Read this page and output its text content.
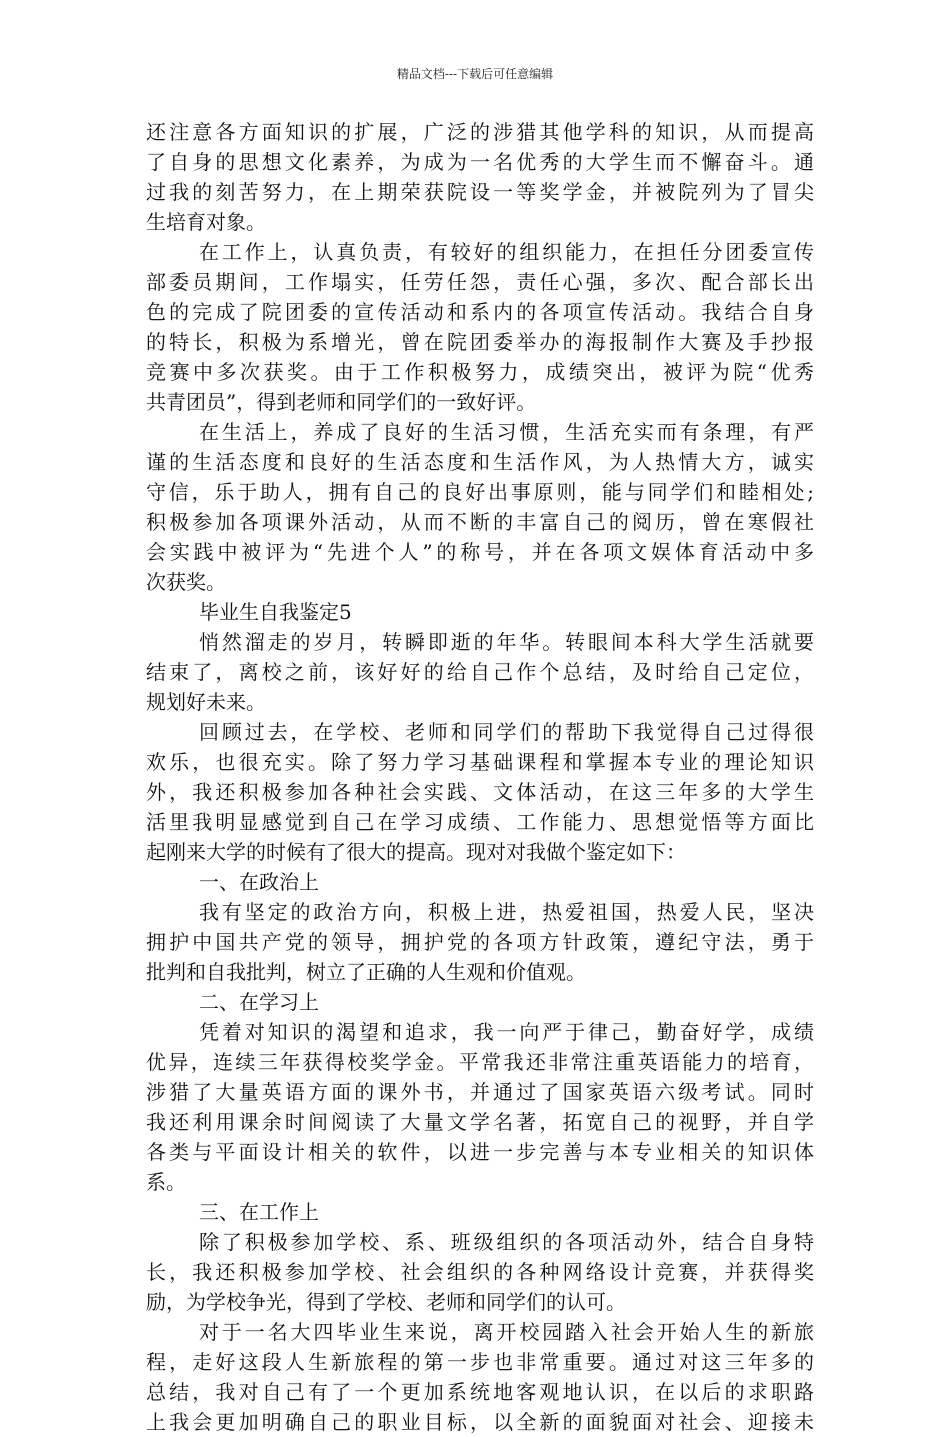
精品文档---下载后可任意编辑
还注意各方面知识的扩展，广泛的涉猎其他学科的知识，从而提高
了自身的思想文化素养，为成为一名优秀的大学生而不懈奋斗。通
过我的刻苦努力，在上期荣获院设一等奖学金，并被院列为了冒尖
生培育对象。
在工作上，认真负责，有较好的组织能力，在担任分团委宣传
部委员期间，工作塌实，任劳任怨，责任心强，多次、配合部长出
色的完成了院团委的宣传活动和系内的各项宣传活动。我结合自身
的特长，积极为系增光，曾在院团委举办的海报制作大赛及手抄报
竞赛中多次获奖。由于工作积极努力，成绩突出，被评为院“优秀
共青团员”，得到老师和同学们的一致好评。
在生活上，养成了良好的生活习惯，生活充实而有条理，有严
谨的生活态度和良好的生活态度和生活作风，为人热情大方，诚实
守信，乐于助人，拥有自己的良好出事原则，能与同学们和睦相处;
积极参加各项课外活动，从而不断的丰富自己的阅历，曾在寒假社
会实践中被评为“先进个人”的称号，并在各项文娱体育活动中多
次获奖。
毕业生自我鉴定5
悄然溜走的岁月，转瞬即逝的年华。转眼间本科大学生活就要
结束了，离校之前，该好好的给自己作个总结，及时给自己定位，
规划好未来。
回顾过去，在学校、老师和同学们的帮助下我觉得自己过得很
欢乐，也很充实。除了努力学习基础课程和掌握本专业的理论知识
外，我还积极参加各种社会实践、文体活动，在这三年多的大学生
活里我明显感觉到自己在学习成绩、工作能力、思想觉悟等方面比
起刚来大学的时候有了很大的提高。现对对我做个鉴定如下：
一、在政治上
我有坚定的政治方向，积极上进，热爱祖国，热爱人民，坚决
拥护中国共产党的领导，拥护党的各项方针政策，遵纪守法，勇于
批判和自我批判，树立了正确的人生观和价值观。
二、在学习上
凭着对知识的渴望和追求，我一向严于律己，勤奋好学，成绩
优异，连续三年获得校奖学金。平常我还非常注重英语能力的培育，
涉猎了大量英语方面的课外书，并通过了国家英语六级考试。同时
我还利用课余时间阅读了大量文学名著，拓宽自己的视野，并自学
各类与平面设计相关的软件，以进一步完善与本专业相关的知识体
系。
三、在工作上
除了积极参加学校、系、班级组织的各项活动外，结合自身特
长，我还积极参加学校、社会组织的各种网络设计竞赛，并获得奖
励，为学校争光，得到了学校、老师和同学们的认可。
对于一名大四毕业生来说，离开校园踏入社会开始人生的新旅
程，走好这段人生新旅程的第一步也非常重要。通过对这三年多的
总结，我对自己有了一个更加系统地客观地认识，在以后的求职路
上我会更加明确自己的职业目标，以全新的面貌面对社会、迎接未
